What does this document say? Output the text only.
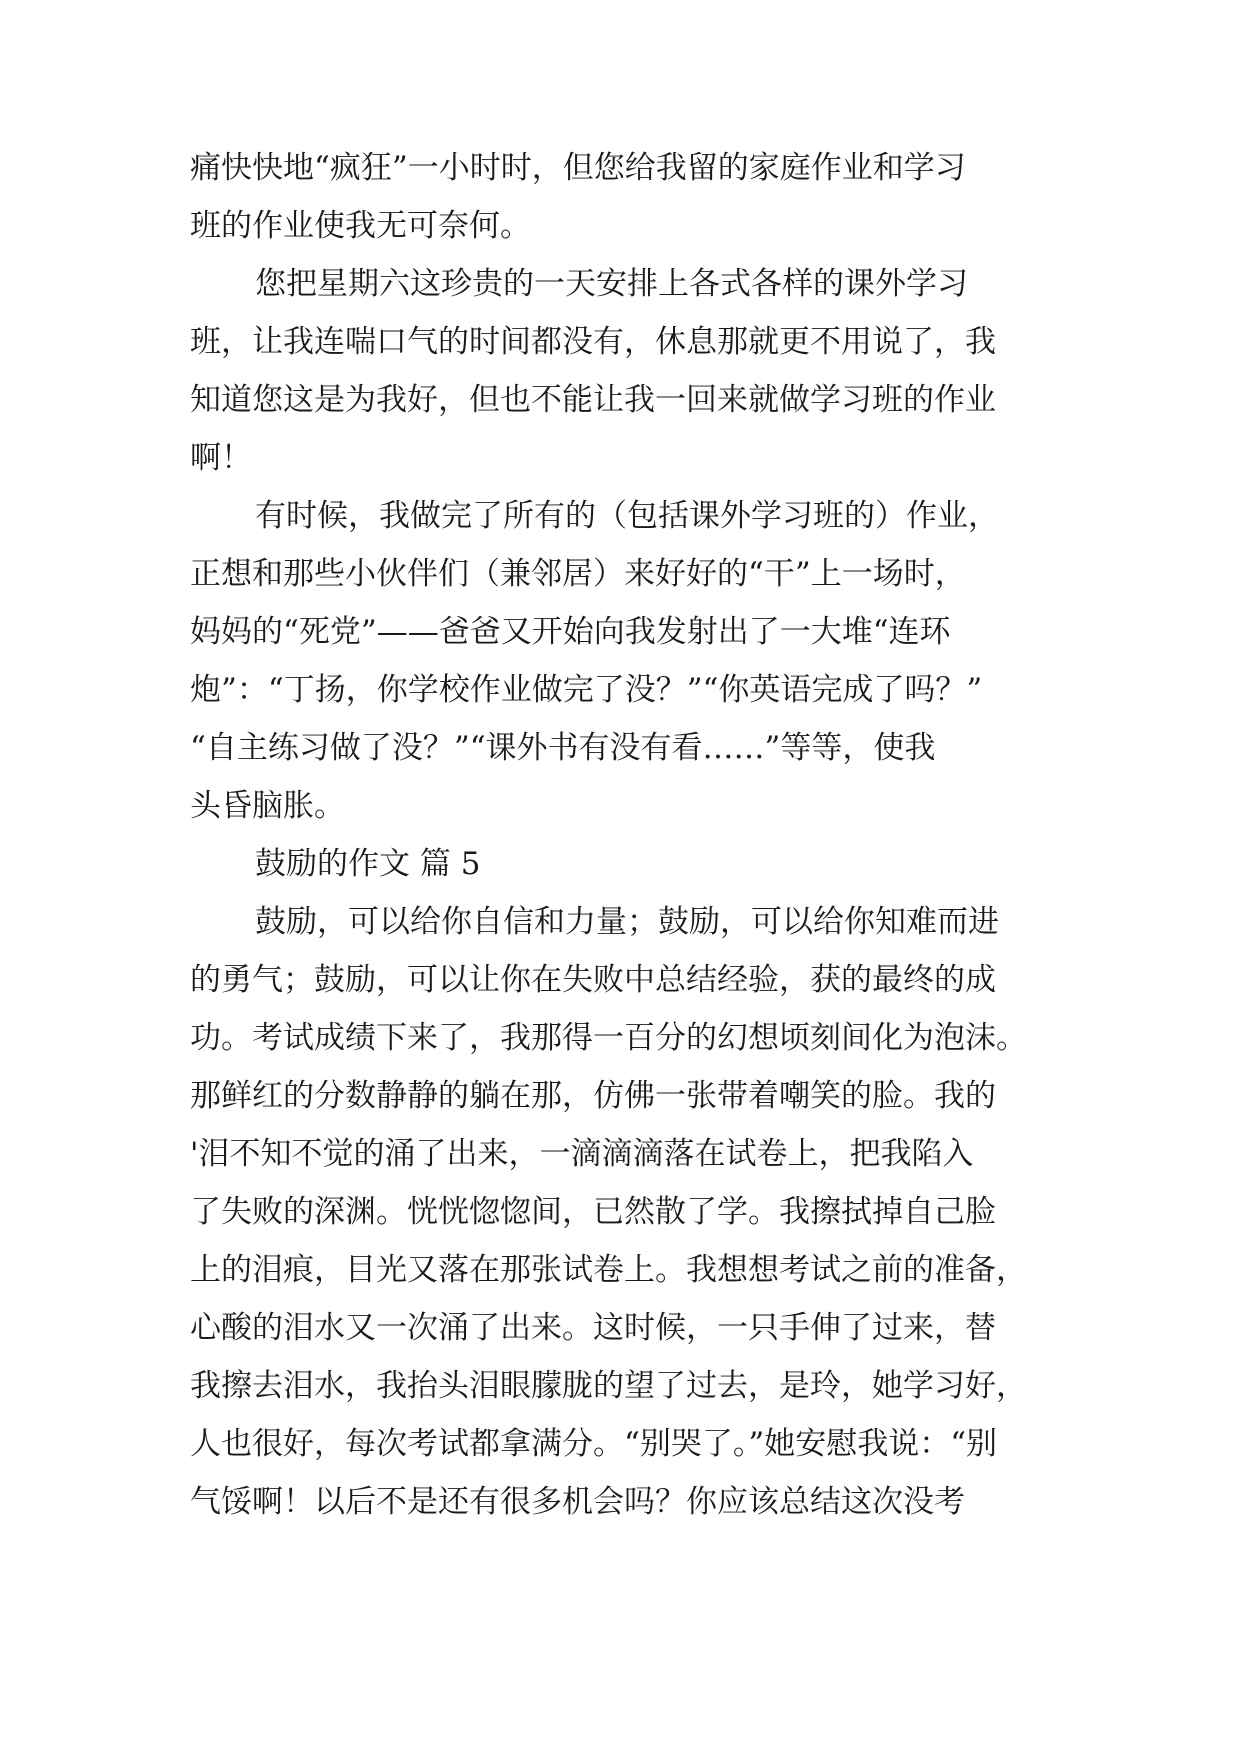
痛快快地“疯狂”一小时时，但您给我留的家庭作业和学习
班的作业使我无可奈何。
您把星期六这珍贵的一天安排上各式各样的课外学习
班，让我连喘口气的时间都没有，休息那就更不用说了，我
知道您这是为我好，但也不能让我一回来就做学习班的作业
啊！
有时候，我做完了所有的（包括课外学习班的）作业，
正想和那些小伙伴们（兼邻居）来好好的“干”上一场时，
妈妈的“死党”——爸爸又开始向我发射出了一大堆“连环
炮”：“丁扬，你学校作业做完了没？”“你英语完成了吗？”
“自主练习做了没？”“课外书有没有看……”等等，使我
头昏脑胀。
鼓励的作文 篇 5
鼓励，可以给你自信和力量；鼓励，可以给你知难而进
的勇气；鼓励，可以让你在失败中总结经验，获的最终的成
功。考试成绩下来了，我那得一百分的幻想顷刻间化为泡沫。
那鲜红的分数静静的躺在那，仿佛一张带着嘲笑的脸。我的
'泪不知不觉的涌了出来，一滴滴滴落在试卷上，把我陷入
了失败的深渊。恍恍惚惚间，已然散了学。我擦拭掉自己脸
上的泪痕，目光又落在那张试卷上。我想想考试之前的准备，
心酸的泪水又一次涌了出来。这时候，一只手伸了过来，替
我擦去泪水，我抬头泪眼朦胧的望了过去，是玲，她学习好，
人也很好，每次考试都拿满分。“别哭了。”她安慰我说：“别
气馁啊！以后不是还有很多机会吗？你应该总结这次没考
